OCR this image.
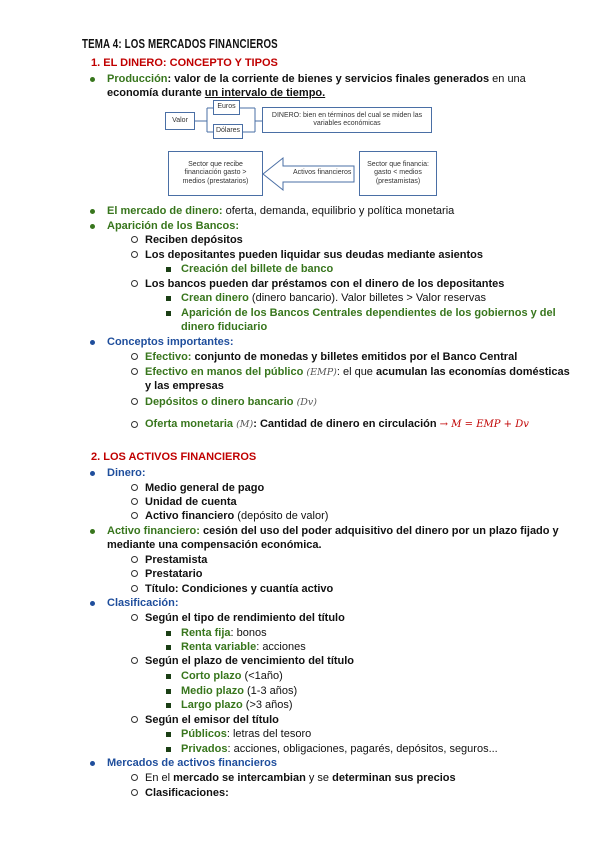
TEMA 4: LOS MERCADOS FINANCIEROS
1. EL DINERO: CONCEPTO Y TIPOS
Producción: valor de la corriente de bienes y servicios finales generados en una
economía durante un intervalo de tiempo.
Valor
Euros
Dólares
DINERO: bien en términos del cual se miden las variables económicas
Sector que recibe financiación gasto > medios (prestatarios)
Activos financieros
Sector que financia: gasto < medios (prestamistas)
El mercado de dinero: oferta, demanda, equilibrio y política monetaria
Aparición de los Bancos:
Reciben depósitos
Los depositantes pueden liquidar sus deudas mediante asientos
Creación del billete de banco
Los bancos pueden dar préstamos con el dinero de los depositantes
Crean dinero (dinero bancario). Valor billetes > Valor reservas
Aparición de los Bancos Centrales dependientes de los gobiernos y del
dinero fiduciario
Conceptos importantes:
Efectivo: conjunto de monedas y billetes emitidos por el Banco Central
Efectivo en manos del público (EMP): el que acumulan las economías domésticas
y las empresas
Depósitos o dinero bancario (Dv)
Oferta monetaria (M): Cantidad de dinero en circulación → M = EMP + Dv
2. LOS ACTIVOS FINANCIEROS
Dinero:
Medio general de pago
Unidad de cuenta
Activo financiero (depósito de valor)
Activo financiero: cesión del uso del poder adquisitivo del dinero por un plazo fijado y
mediante una compensación económica.
Prestamista
Prestatario
Título: Condiciones y cuantía activo
Clasificación:
Según el tipo de rendimiento del título
Renta fija: bonos
Renta variable: acciones
Según el plazo de vencimiento del título
Corto plazo (<1año)
Medio plazo (1-3 años)
Largo plazo (>3 años)
Según el emisor del título
Públicos: letras del tesoro
Privados: acciones, obligaciones, pagarés, depósitos, seguros...
Mercados de activos financieros
En el mercado se intercambian y se determinan sus precios
Clasificaciones:
